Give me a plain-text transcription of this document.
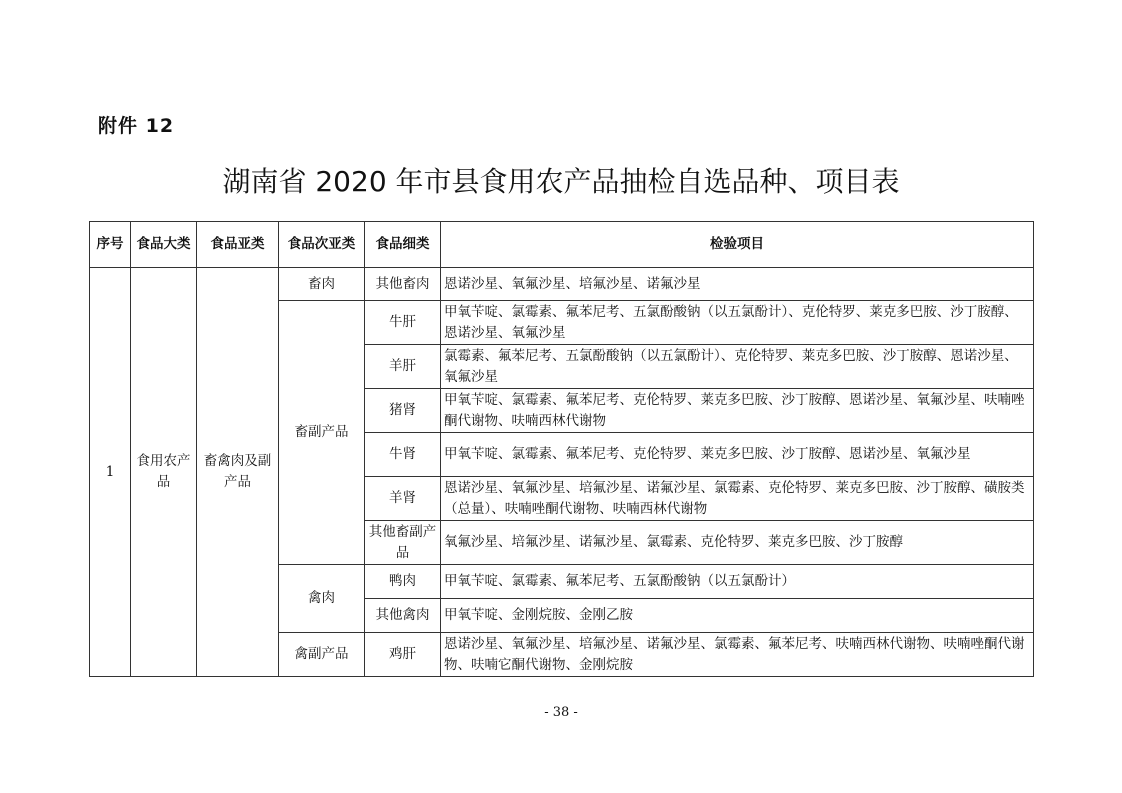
附件 12
湖南省 2020 年市县食用农产品抽检自选品种、项目表
序号	食品大类	食品亚类	食品次亚类	食品细类	检验项目
1	食用农产品	畜禽肉及副产品	畜肉	其他畜肉	恩诺沙星、氧氟沙星、培氟沙星、诺氟沙星
			畜副产品	牛肝	甲氧苄啶、氯霉素、氟苯尼考、五氯酚酸钠（以五氯酚计）、克伦特罗、莱克多巴胺、沙丁胺醇、恩诺沙星、氧氟沙星
				羊肝	氯霉素、氟苯尼考、五氯酚酸钠（以五氯酚计）、克伦特罗、莱克多巴胺、沙丁胺醇、恩诺沙星、氧氟沙星
				猪肾	甲氧苄啶、氯霉素、氟苯尼考、克伦特罗、莱克多巴胺、沙丁胺醇、恩诺沙星、氧氟沙星、呋喃唑酮代谢物、呋喃西林代谢物
				牛肾	甲氧苄啶、氯霉素、氟苯尼考、克伦特罗、莱克多巴胺、沙丁胺醇、恩诺沙星、氧氟沙星
				羊肾	恩诺沙星、氧氟沙星、培氟沙星、诺氟沙星、氯霉素、克伦特罗、莱克多巴胺、沙丁胺醇、磺胺类（总量）、呋喃唑酮代谢物、呋喃西林代谢物
				其他畜副产品	氧氟沙星、培氟沙星、诺氟沙星、氯霉素、克伦特罗、莱克多巴胺、沙丁胺醇
			禽肉	鸭肉	甲氧苄啶、氯霉素、氟苯尼考、五氯酚酸钠（以五氯酚计）
				其他禽肉	甲氧苄啶、金刚烷胺、金刚乙胺
			禽副产品	鸡肝	恩诺沙星、氧氟沙星、培氟沙星、诺氟沙星、氯霉素、氟苯尼考、呋喃西林代谢物、呋喃唑酮代谢物、呋喃它酮代谢物、金刚烷胺
- 38 -
